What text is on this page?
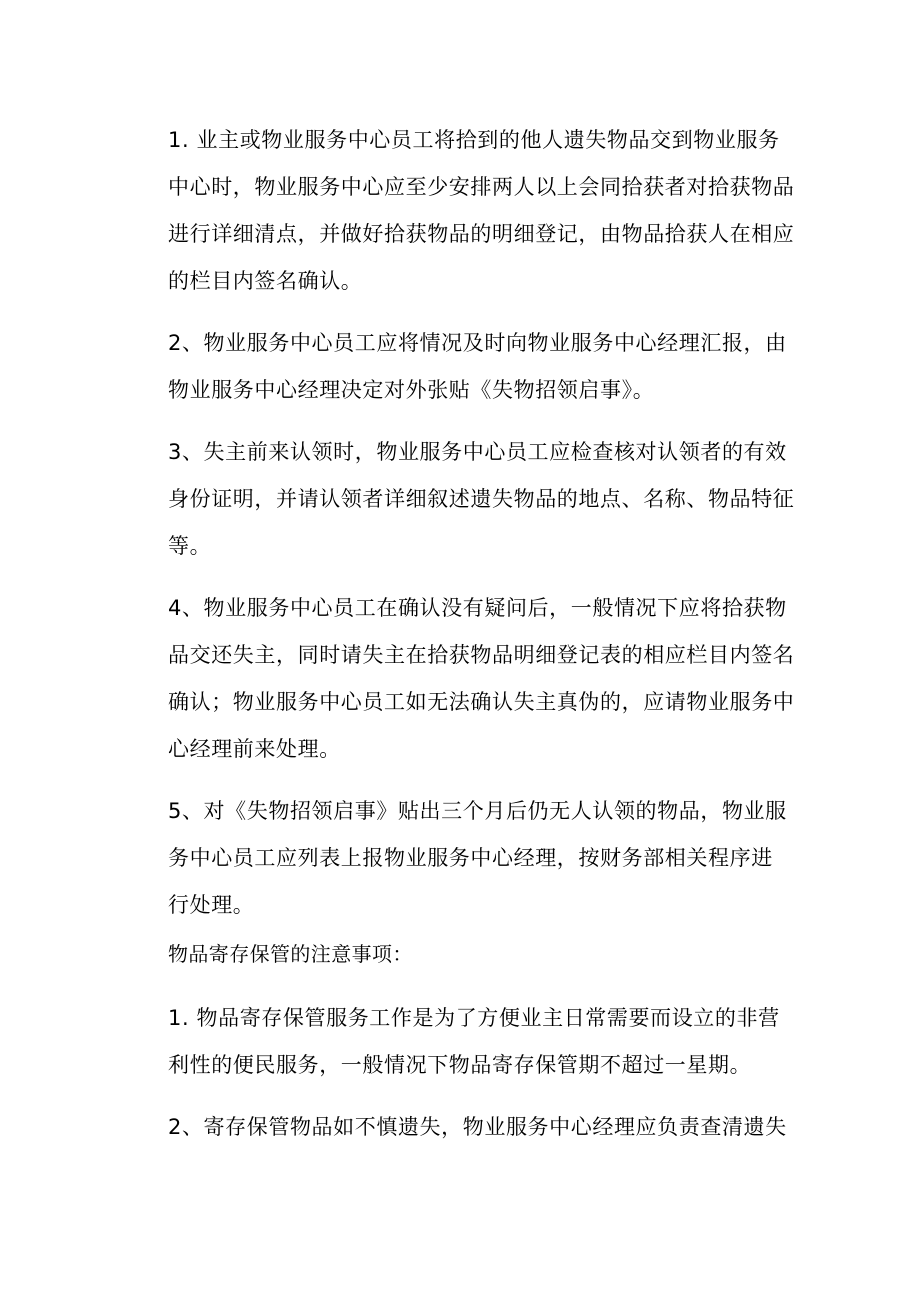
1. 业主或物业服务中心员工将拾到的他人遗失物品交到物业服务
中心时，物业服务中心应至少安排两人以上会同拾获者对拾获物品
进行详细清点，并做好拾获物品的明细登记，由物品拾获人在相应
的栏目内签名确认。
2、物业服务中心员工应将情况及时向物业服务中心经理汇报，由
物业服务中心经理决定对外张贴《失物招领启事》。
3、失主前来认领时，物业服务中心员工应检查核对认领者的有效
身份证明，并请认领者详细叙述遗失物品的地点、名称、物品特征
等。
4、物业服务中心员工在确认没有疑问后，一般情况下应将拾获物
品交还失主，同时请失主在拾获物品明细登记表的相应栏目内签名
确认；物业服务中心员工如无法确认失主真伪的，应请物业服务中
心经理前来处理。
5、对《失物招领启事》贴出三个月后仍无人认领的物品，物业服
务中心员工应列表上报物业服务中心经理，按财务部相关程序进
行处理。
物品寄存保管的注意事项：
1. 物品寄存保管服务工作是为了方便业主日常需要而设立的非营
利性的便民服务，一般情况下物品寄存保管期不超过一星期。
2、寄存保管物品如不慎遗失，物业服务中心经理应负责查清遗失
